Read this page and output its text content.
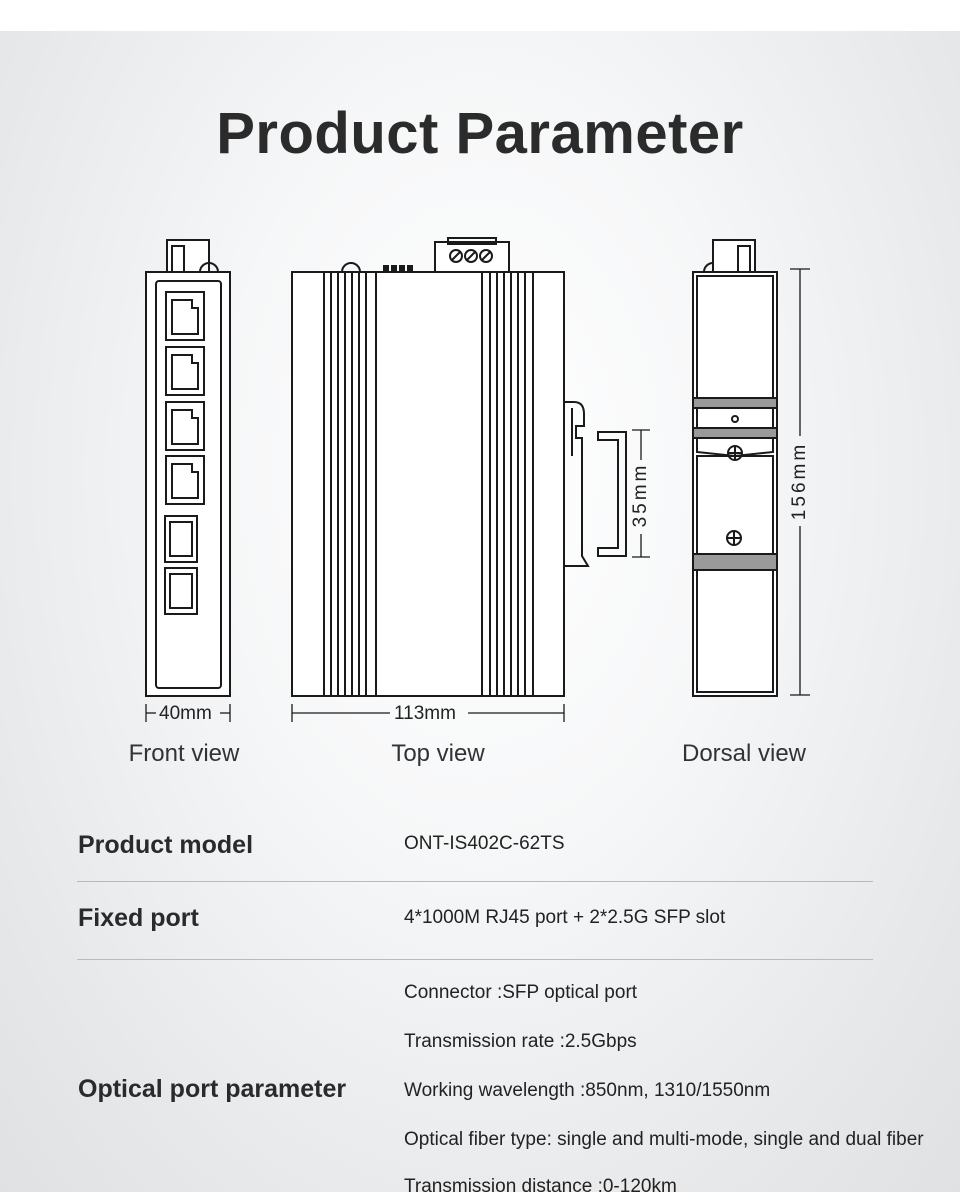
Product Parameter
40mm	113mm
35mm	156mm
Front view	Top view	Dorsal view
Product model	ONT-IS402C-62TS
Fixed port	4*1000M RJ45 port + 2*2.5G SFP slot
Optical port parameter
Connector :SFP optical port
Transmission rate :2.5Gbps
Working wavelength :850nm, 1310/1550nm
Optical fiber type: single and multi-mode, single and dual fiber
Transmission distance :0-120km
